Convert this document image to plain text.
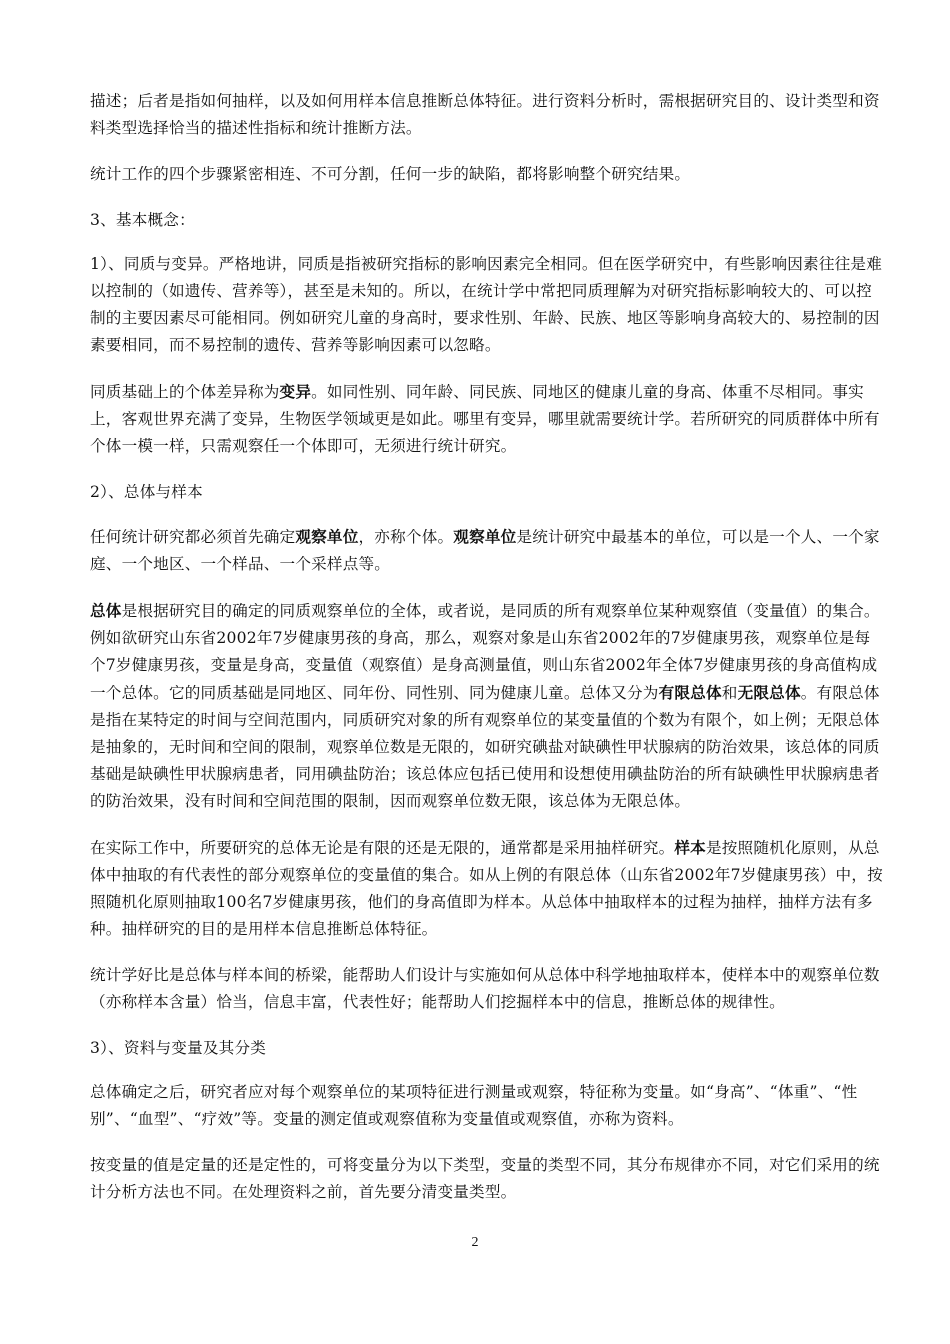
描述；后者是指如何抽样，以及如何用样本信息推断总体特征。进行资料分析时，需根据研究目的、设计类型和资料类型选择恰当的描述性指标和统计推断方法。

统计工作的四个步骤紧密相连、不可分割，任何一步的缺陷，都将影响整个研究结果。

3、基本概念：

1）、同质与变异。严格地讲，同质是指被研究指标的影响因素完全相同。但在医学研究中，有些影响因素往往是难以控制的（如遗传、营养等），甚至是未知的。所以，在统计学中常把同质理解为对研究指标影响较大的、可以控制的主要因素尽可能相同。例如研究儿童的身高时，要求性别、年龄、民族、地区等影响身高较大的、易控制的因素要相同，而不易控制的遗传、营养等影响因素可以忽略。

同质基础上的个体差异称为变异。如同性别、同年龄、同民族、同地区的健康儿童的身高、体重不尽相同。事实上，客观世界充满了变异，生物医学领域更是如此。哪里有变异，哪里就需要统计学。若所研究的同质群体中所有个体一模一样，只需观察任一个体即可，无须进行统计研究。

2）、总体与样本

任何统计研究都必须首先确定观察单位，亦称个体。观察单位是统计研究中最基本的单位，可以是一个人、一个家庭、一个地区、一个样品、一个采样点等。

总体是根据研究目的确定的同质观察单位的全体，或者说，是同质的所有观察单位某种观察值（变量值）的集合。例如欲研究山东省2002年7岁健康男孩的身高，那么，观察对象是山东省2002年的7岁健康男孩，观察单位是每个7岁健康男孩，变量是身高，变量值（观察值）是身高测量值，则山东省2002年全体7岁健康男孩的身高值构成一个总体。它的同质基础是同地区、同年份、同性别、同为健康儿童。总体又分为有限总体和无限总体。有限总体是指在某特定的时间与空间范围内，同质研究对象的所有观察单位的某变量值的个数为有限个，如上例；无限总体是抽象的，无时间和空间的限制，观察单位数是无限的，如研究碘盐对缺碘性甲状腺病的防治效果，该总体的同质基础是缺碘性甲状腺病患者，同用碘盐防治；该总体应包括已使用和设想使用碘盐防治的所有缺碘性甲状腺病患者的防治效果，没有时间和空间范围的限制，因而观察单位数无限，该总体为无限总体。

在实际工作中，所要研究的总体无论是有限的还是无限的，通常都是采用抽样研究。样本是按照随机化原则，从总体中抽取的有代表性的部分观察单位的变量值的集合。如从上例的有限总体（山东省2002年7岁健康男孩）中，按照随机化原则抽取100名7岁健康男孩，他们的身高值即为样本。从总体中抽取样本的过程为抽样，抽样方法有多种。抽样研究的目的是用样本信息推断总体特征。

统计学好比是总体与样本间的桥梁，能帮助人们设计与实施如何从总体中科学地抽取样本，使样本中的观察单位数（亦称样本含量）恰当，信息丰富，代表性好；能帮助人们挖掘样本中的信息，推断总体的规律性。

3）、资料与变量及其分类

总体确定之后，研究者应对每个观察单位的某项特征进行测量或观察，特征称为变量。如“身高”、“体重”、“性别”、“血型”、“疗效”等。变量的测定值或观察值称为变量值或观察值，亦称为资料。

按变量的值是定量的还是定性的，可将变量分为以下类型，变量的类型不同，其分布规律亦不同，对它们采用的统计分析方法也不同。在处理资料之前，首先要分清变量类型。

2
